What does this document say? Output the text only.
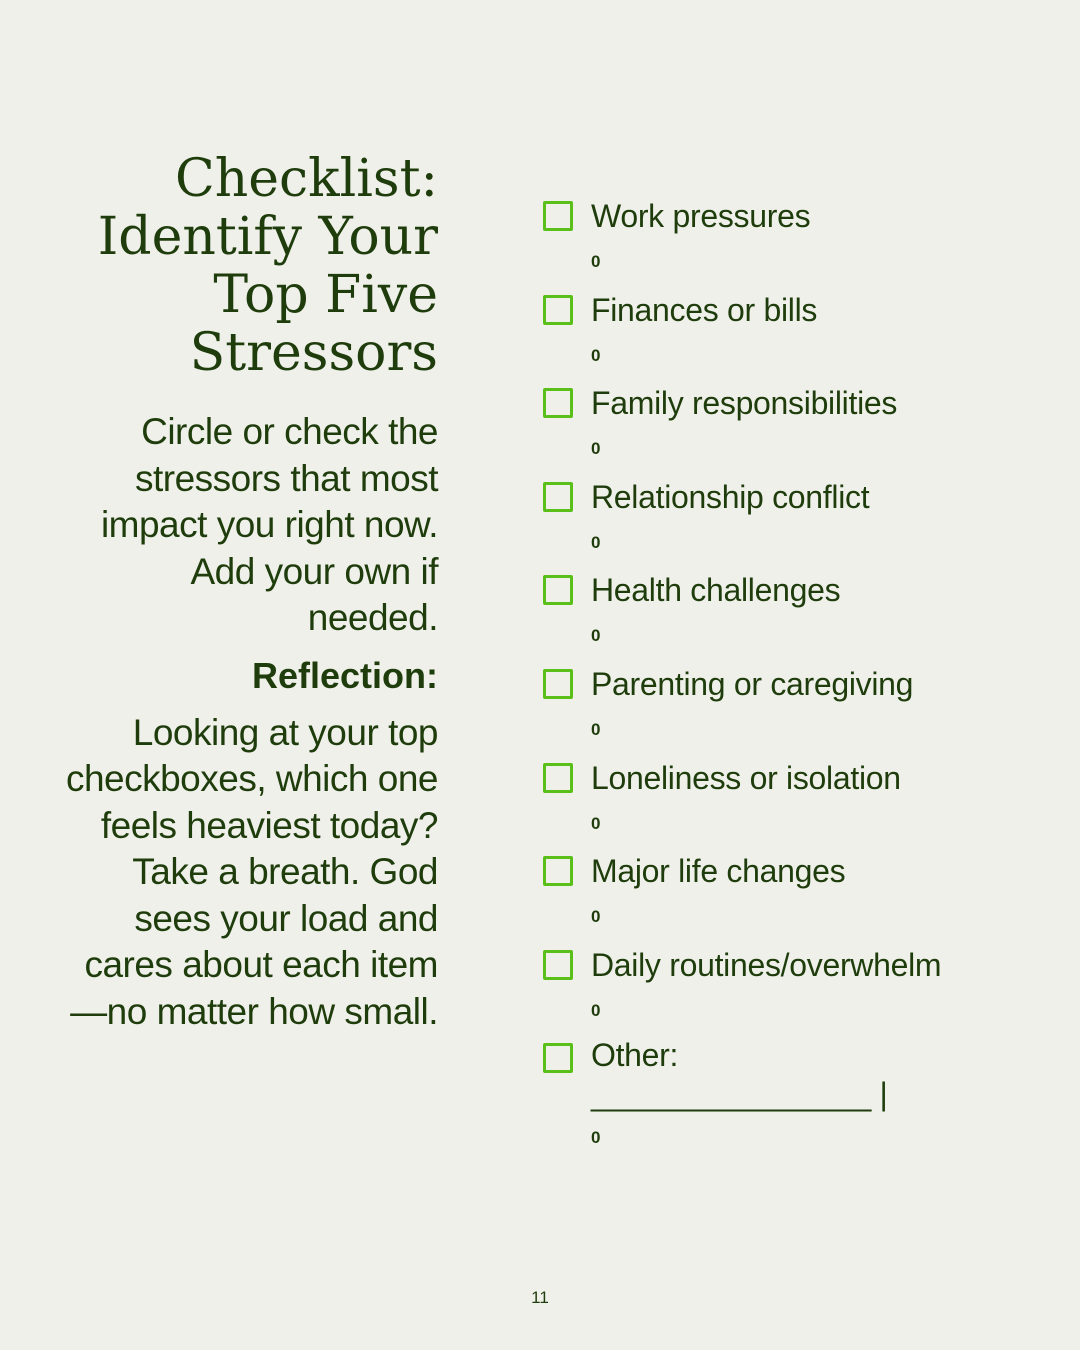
Checklist: Identify Your Top Five Stressors

Circle or check the stressors that most impact you right now. Add your own if needed.

Reflection:

Looking at your top checkboxes, which one feels heaviest today? Take a breath. God sees your load and cares about each item—no matter how small.

Work pressures
0
Finances or bills
0
Family responsibilities
0
Relationship conflict
0
Health challenges
0
Parenting or caregiving
0
Loneliness or isolation
0
Major life changes
0
Daily routines/overwhelm
0
Other: ________________ |
0
11
